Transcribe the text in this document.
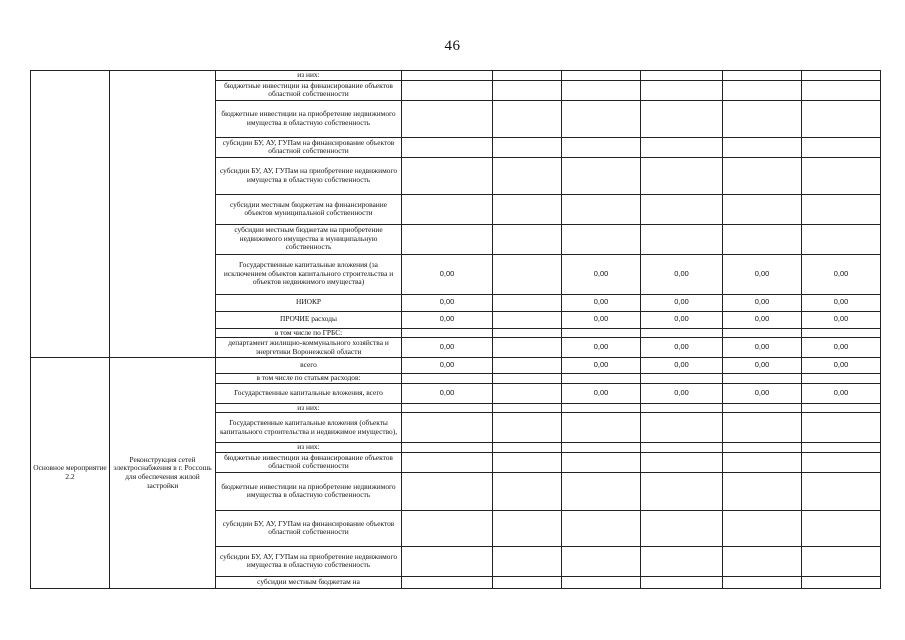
46
		из них:						
		бюджетные инвестиции на финансирование объектов областной собственности						
		бюджетные инвестиции на приобретение недвижимого имущества в областную собственность						
		субсидии БУ, АУ, ГУПам на финансирование объектов областной собственности						
		субсидии БУ, АУ, ГУПам на приобретение недвижимого имущества в областную собственность						
		субсидии местным бюджетам на финансирование объектов муниципальной собственности						
		субсидии местным бюджетам на приобретение недвижимого имущества в муниципальную собственность						
		Государственные капитальные вложения (за исключением объектов капитального строительства и объектов недвижимого имущества)	0,00		0,00	0,00	0,00	0,00
		НИОКР	0,00		0,00	0,00	0,00	0,00
		ПРОЧИЕ расходы	0,00		0,00	0,00	0,00	0,00
		в том числе по ГРБС:						
		департамент жилищно-коммунального хозяйства и энергетики Воронежской области	0,00		0,00	0,00	0,00	0,00
Основное мероприятие 2.2	Реконструкция сетей электроснабжения в г. Россошь для обеспечения жилой застройки	всего	0,00		0,00	0,00	0,00	0,00
		в том числе по статьям расходов:						
		Государственные капитальные вложения, всего	0,00		0,00	0,00	0,00	0,00
		из них:						
		Государственные капитальные вложения (объекты капитального строительства и недвижимое имущество),						
		из них:						
		бюджетные инвестиции на финансирование объектов областной собственности						
		бюджетные инвестиции на приобретение недвижимого имущества в областную собственность						
		субсидии БУ, АУ, ГУПам на финансирование объектов областной собственности						
		субсидии БУ, АУ, ГУПам на приобретение недвижимого имущества в областную собственность						
		субсидии местным бюджетам на						
